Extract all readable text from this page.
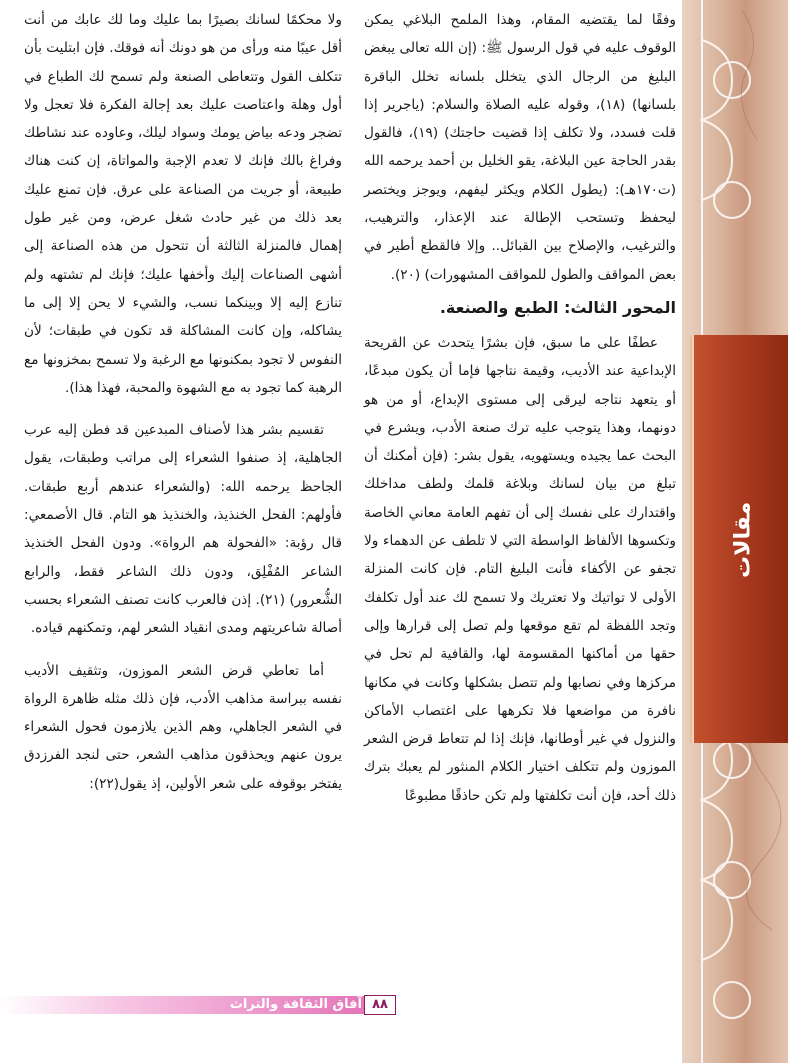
مقالات

وفقًا لما يقتضيه المقام، وهذا الملمح البلاغي يمكن الوقوف عليه في قول الرسول ﷺ: (إن الله تعالى يبغض البليغ من الرجال الذي يتخلل بلسانه تخلل الباقرة بلسانها) (١٨)، وقوله عليه الصلاة والسلام: (ياجرير إذا قلت فسدد، ولا تكلف إذا قضيت حاجتك) (١٩)، فالقول بقدر الحاجة عين البلاغة، يقو الخليل بن أحمد يرحمه الله (ت١٧٠هـ): (يطول الكلام ويكثر ليفهم، ويوجز ويختصر ليحفظ وتستحب الإطالة عند الإعذار، والترهيب، والترغيب، والإصلاح بين القبائل.. وإلا فالقطع أطير في بعض المواقف والطول للمواقف المشهورات) (٢٠).

المحور الثالث: الطبع والصنعة.

عطفًا على ما سبق، فإن بشرًا يتحدث عن القريحة الإبداعية عند الأديب، وقيمة نتاجها فإما أن يكون مبدعًا، أو يتعهد نتاجه ليرقى إلى مستوى الإبداع، أو من هو دونهما، وهذا يتوجب عليه ترك صنعة الأدب، ويشرع في البحث عما يجيده ويستهويه، يقول بشر: (فإن أمكنك أن تبلغ من بيان لسانك وبلاغة قلمك ولطف مداخلك واقتدارك على نفسك إلى أن تفهم العامة معاني الخاصة وتكسوها الألفاظ الواسطة التي لا تلطف عن الدهماء ولا تجفو عن الأكفاء فأنت البليغ التام. فإن كانت المنزلة الأولى لا تواتيك ولا تعتريك ولا تسمح لك عند أول تكلفك وتجد اللفظة لم تقع موقعها ولم تصل إلى قرارها وإلى حقها من أماكنها المقسومة لها، والقافية لم تحل في مركزها وفي نصابها ولم تتصل بشكلها وكانت في مكانها نافرة من مواضعها فلا تكرهها على اغتصاب الأماكن والنزول في غير أوطانها، فإنك إذا لم تتعاط قرض الشعر الموزون ولم تتكلف اختيار الكلام المنثور لم يعبك بترك ذلك أحد، فإن أنت تكلفتها ولم تكن حاذقًا مطبوعًا

ولا محكمًا لسانك بصيرًا بما عليك وما لك عابك من أنت أقل عيبًا منه ورأى من هو دونك أنه فوقك. فإن ابتليت بأن تتكلف القول وتتعاطى الصنعة ولم تسمح لك الطباع في أول وهلة واعتاصت عليك بعد إجالة الفكرة فلا تعجل ولا تضجر ودعه بياض يومك وسواد ليلك، وعاوده عند نشاطك وفراغ بالك فإنك لا تعدم الإجبة والمواتاة، إن كنت هناك طبيعة، أو جريت من الصناعة على عرق. فإن تمنع عليك بعد ذلك من غير حادث شغل عرض، ومن غير طول إهمال فالمنزلة الثالثة أن تتحول من هذه الصناعة إلى أشهى الصناعات إليك وأخفها عليك؛ فإنك لم تشتهه ولم تنازع إليه إلا وبينكما نسب، والشيء لا يحن إلا إلى ما يشاكله، وإن كانت المشاكلة قد تكون في طبقات؛ لأن النفوس لا تجود بمكنونها مع الرغبة ولا تسمح بمخزونها مع الرهبة كما تجود به مع الشهوة والمحبة، فهذا هذا).

تقسيم بشر هذا لأصناف المبدعين قد فطن إليه عرب الجاهلية، إذ صنفوا الشعراء إلى مراتب وطبقات، يقول الجاحظ يرحمه الله: (والشعراء عندهم أربع طبقات. فأولهم: الفحل الخنذيذ، والخنذيذ هو التام. قال الأصمعي: قال رؤبة: «الفحولة هم الرواة». ودون الفحل الخنذيذ الشاعر المُفْلِق، ودون ذلك الشاعر فقط، والرابع الشُّعرور) (٢١). إذن فالعرب كانت تصنف الشعراء بحسب أصالة شاعريتهم ومدى انقياد الشعر لهم، وتمكنهم قياده.

أما تعاطي قرض الشعر الموزون، وتثقيف الأديب نفسه ببراسة مذاهب الأدب، فإن ذلك مثله ظاهرة الرواة في الشعر الجاهلي، وهم الذين يلازمون فحول الشعراء يرون عنهم ويحذقون مذاهب الشعر، حتى لنجد الفرزدق يفتخر بوقوفه على شعر الأولين، إذ يقول(٢٢):

آفاق الثقافة والتراث ٨٨
